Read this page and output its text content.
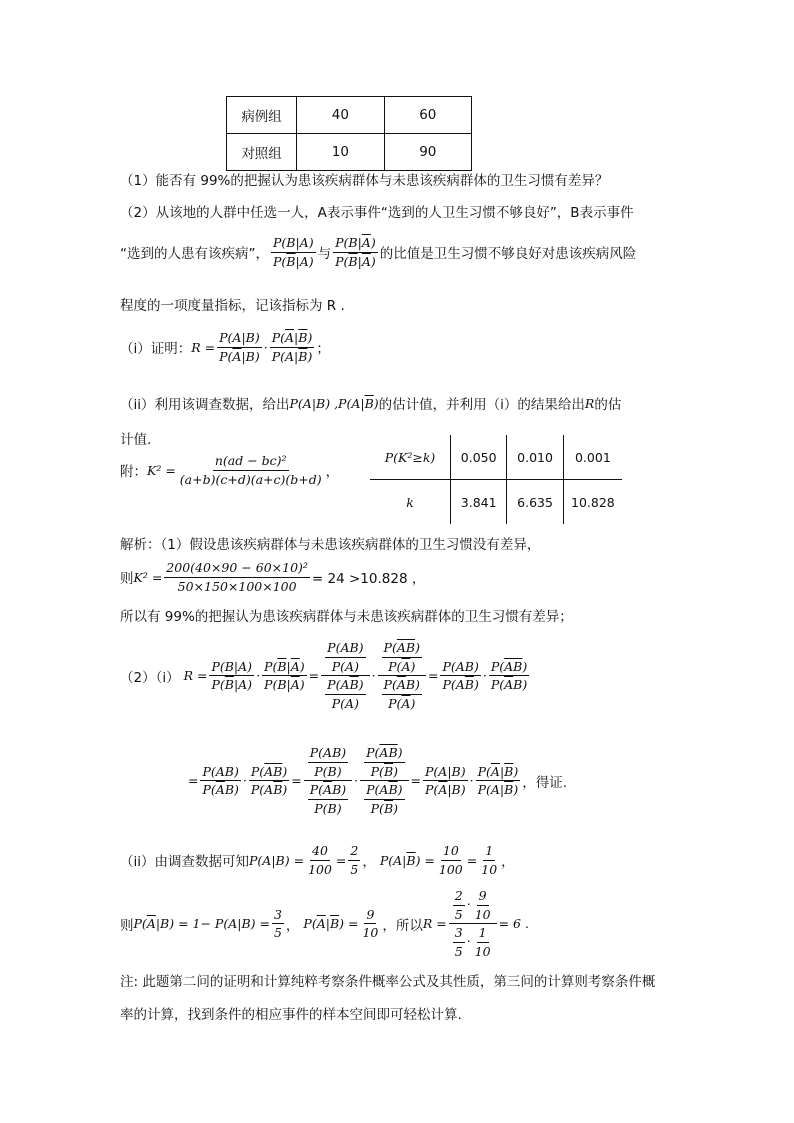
病例组	40	60
对照组	10	90
（1）能否有 99%的把握认为患该疾病群体与未患该疾病群体的卫生习惯有差异？
（2）从该地的人群中任选一人，A表示事件“选到的人卫生习惯不够良好”，B表示事件
“选到的人患有该疾病”， $\frac{P(B|A)}{P(\overline{B}|A)}$ 与 $\frac{P(B|\overline{A})}{P(\overline{B}|\overline{A})}$ 的比值是卫生习惯不够良好对患该疾病风险
程度的一项度量指标，记该指标为 R .
（i）证明： $R = \frac{P(A|B)}{P(\overline{A}|B)} \cdot \frac{P(\overline{A}|\overline{B})}{P(A|\overline{B})}$ ；
（ii）利用该调查数据，给出 P(A|B) $,P(A|\overline{B})$ 的估计值，并利用（i）的结果给出 R 的估
计值.
附： $K^2 = \frac{\text{n(ad − bc)²}}{(a+b)(c+d)(a+c)(b+d)}$ ，
P(K²≥k)	0.050	0.010	0.001
k	3.841	6.635	10.828
解析：（1）假设患该疾病群体与未患该疾病群体的卫生习惯没有差异，
则 $K^2 = \frac{\text{200(40×90 − 60×10)²}}{50\times 150\times 100\times 100} = 24 >10.828$ ，
所以有 99%的把握认为患该疾病群体与未患该疾病群体的卫生习惯有差异；
（2）（i） $R = \frac{P(B|A)}{P(\overline{B}|A)} \cdot \frac{P(\overline{B}|\overline{A})}{P(B|\overline{A})} = \frac{\frac{P(AB)}{P(A)}}{\frac{P(A\overline{B})}{P(A)}} \cdot \frac{\frac{P(\overline{AB})}{P(\overline{A})}}{\frac{P(\overline{A}B)}{P(\overline{A})}} = \frac{P(AB)}{P(A\overline{B})} \cdot \frac{P(\overline{AB})}{P(\overline{A}B)}$
= $\frac{P(AB)}{P(\overline{A}B)} \cdot \frac{P(\overline{AB})}{P(A\overline{B})} = \frac{\frac{P(AB)}{P(B)}}{\frac{P(\overline{A}B)}{P(B)}} \cdot \frac{\frac{P(\overline{AB})}{P(\overline{B})}}{\frac{P(A\overline{B})}{P(\overline{B})}} = \frac{P(A|B)}{P(\overline{A}|B)} \cdot \frac{P(\overline{A}|\overline{B})}{P(A|\overline{B})}$ ，得证.
（ii）由调查数据可知 $P(A|B) = \frac{40}{100} = \frac{2}{5}$ ， $P(A|\overline{B}) = \frac{10}{100} = \frac{1}{10}$ ，
则 $P(\overline{A}|B) = 1- P(A|B) = \frac{3}{5}$ ， $P(\overline{A}|\overline{B}) = \frac{9}{10}$ ，所以 $R = \frac{\frac{2}{5} \cdot \frac{9}{10}}{\frac{3}{5} \cdot \frac{1}{10}} = 6$ .
注: 此题第二问的证明和计算纯粹考察条件概率公式及其性质，第三问的计算则考察条件概
率的计算，找到条件的相应事件的样本空间即可轻松计算.
